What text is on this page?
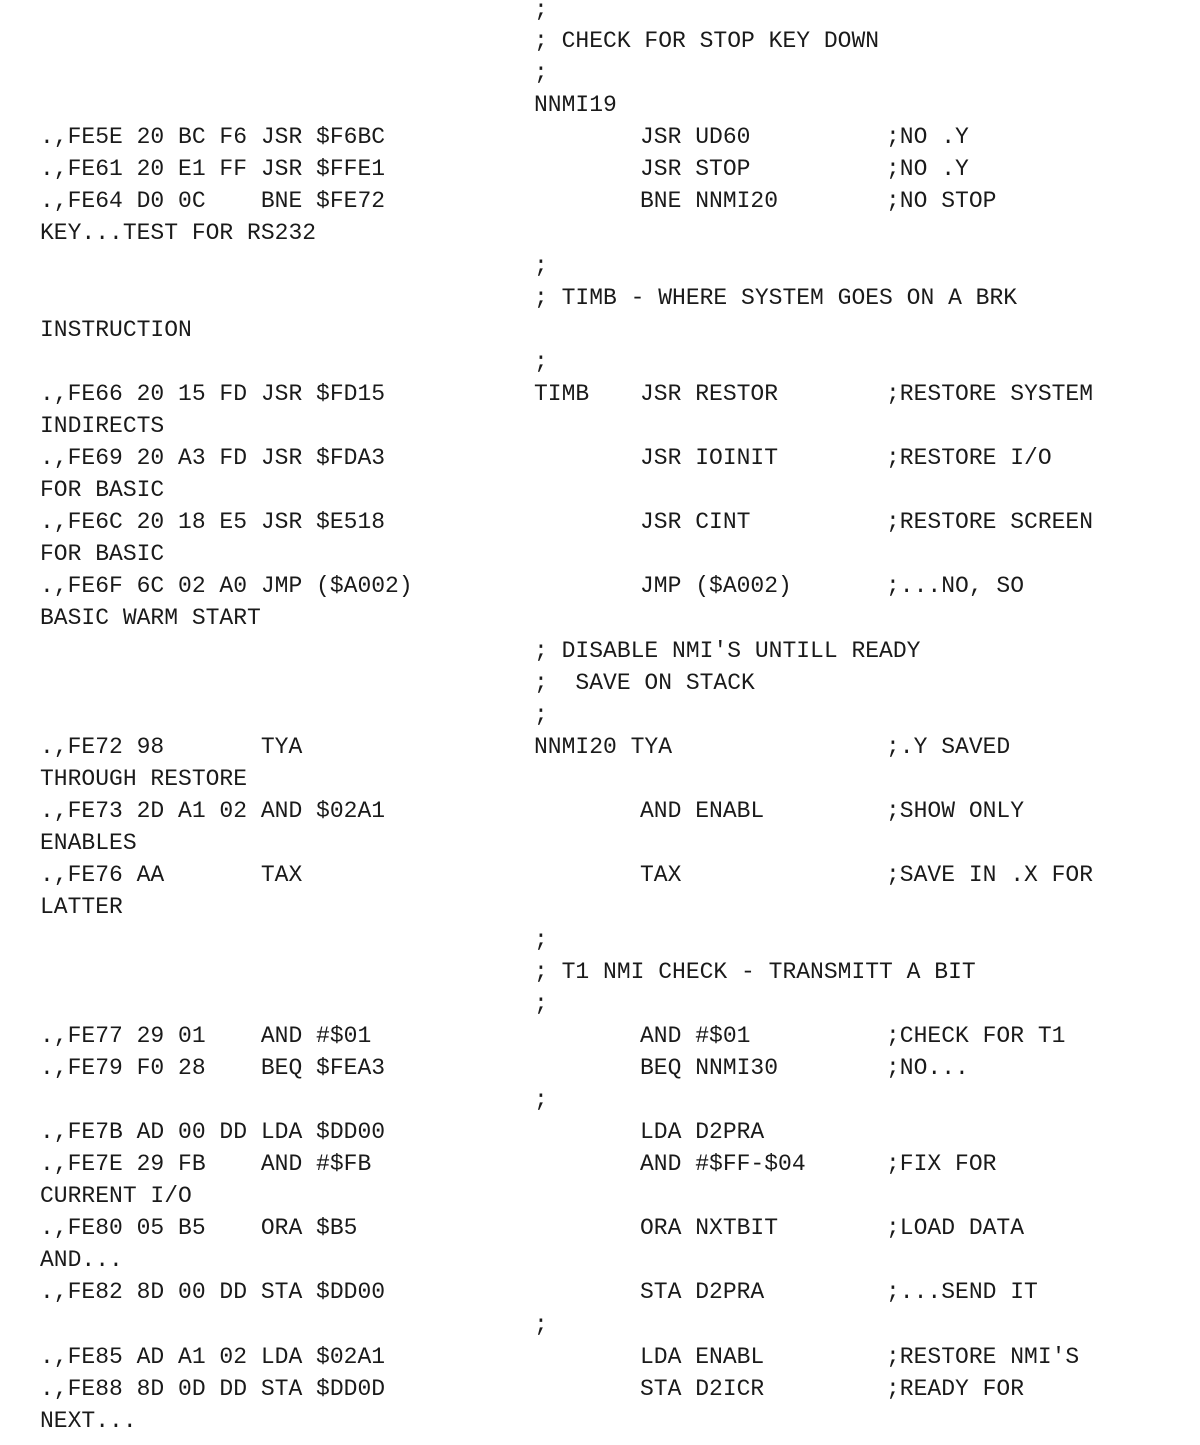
;
; CHECK FOR STOP KEY DOWN
;
NNMI19
.,FE5E 20 BC F6 JSR $F6BC	JSR UD60	;NO .Y
.,FE61 20 E1 FF JSR $FFE1	JSR STOP	;NO .Y
.,FE64 D0 0C    BNE $FE72	BNE NNMI20	;NO STOP
KEY...TEST FOR RS232
;
; TIMB - WHERE SYSTEM GOES ON A BRK
INSTRUCTION
;
.,FE66 20 15 FD JSR $FD15	TIMB JSR RESTOR	;RESTORE SYSTEM
INDIRECTS
.,FE69 20 A3 FD JSR $FDA3	JSR IOINIT	;RESTORE I/O
FOR BASIC
.,FE6C 20 18 E5 JSR $E518	JSR CINT	;RESTORE SCREEN
FOR BASIC
.,FE6F 6C 02 A0 JMP ($A002)	JMP ($A002)	;...NO, SO
BASIC WARM START
; DISABLE NMI'S UNTILL READY
;  SAVE ON STACK
;
.,FE72 98       TYA	NNMI20 TYA	;.Y SAVED
THROUGH RESTORE
.,FE73 2D A1 02 AND $02A1	AND ENABL	;SHOW ONLY
ENABLES
.,FE76 AA       TAX	TAX	;SAVE IN .X FOR
LATTER
;
; T1 NMI CHECK - TRANSMITT A BIT
;
.,FE77 29 01    AND #$01	AND #$01	;CHECK FOR T1
.,FE79 F0 28    BEQ $FEA3	BEQ NNMI30	;NO...
;
.,FE7B AD 00 DD LDA $DD00	LDA D2PRA
.,FE7E 29 FB    AND #$FB	AND #$FF-$04	;FIX FOR
CURRENT I/O
.,FE80 05 B5    ORA $B5	ORA NXTBIT	;LOAD DATA
AND...
.,FE82 8D 00 DD STA $DD00	STA D2PRA	;...SEND IT
;
.,FE85 AD A1 02 LDA $02A1	LDA ENABL	;RESTORE NMI'S
.,FE88 8D 0D DD STA $DD0D	STA D2ICR	;READY FOR
NEXT...
